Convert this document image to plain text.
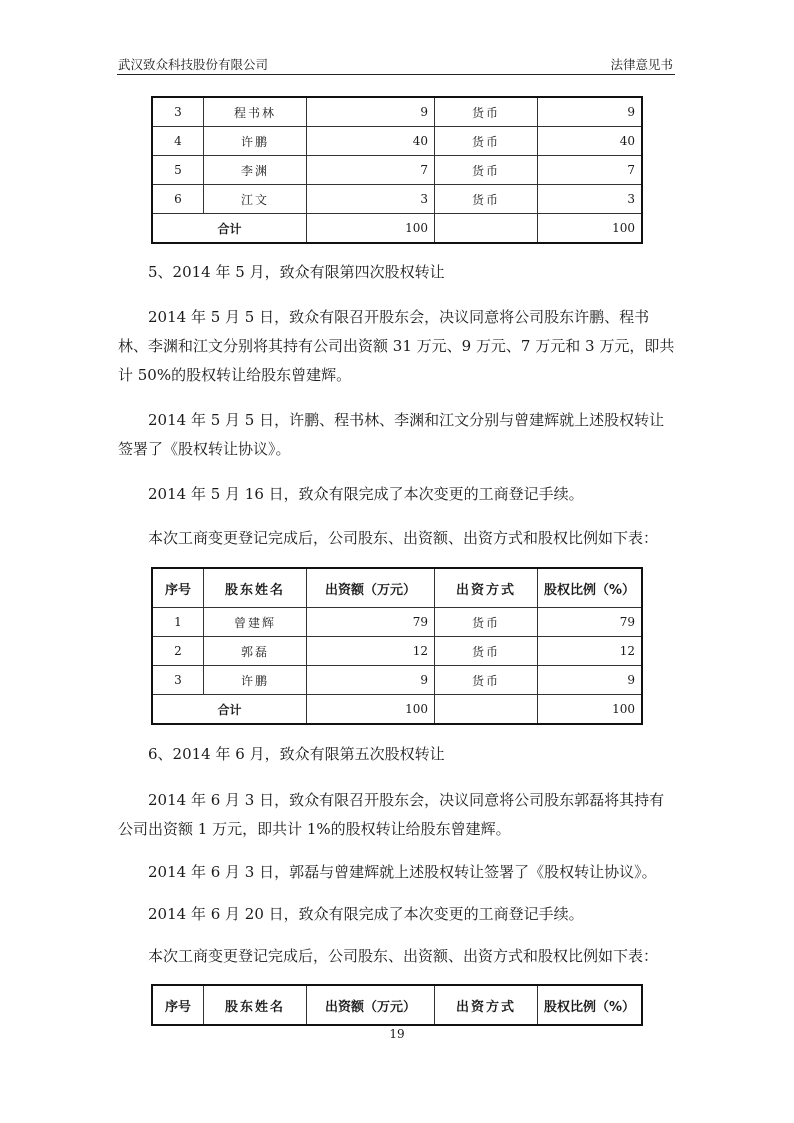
武汉致众科技股份有限公司	法律意见书
3	程书林	9	货币	9
4	许鹏	40	货币	40
5	李渊	7	货币	7
6	江文	3	货币	3
合计		100		100

5、2014 年 5 月，致众有限第四次股权转让

2014 年 5 月 5 日，致众有限召开股东会，决议同意将公司股东许鹏、程书林、李渊和江文分别将其持有公司出资额 31 万元、9 万元、7 万元和 3 万元，即共计 50%的股权转让给股东曾建辉。

2014 年 5 月 5 日，许鹏、程书林、李渊和江文分别与曾建辉就上述股权转让签署了《股权转让协议》。

2014 年 5 月 16 日，致众有限完成了本次变更的工商登记手续。

本次工商变更登记完成后，公司股东、出资额、出资方式和股权比例如下表：

序号	股东姓名	出资额（万元）	出资方式	股权比例（%）
1	曾建辉	79	货币	79
2	郭磊	12	货币	12
3	许鹏	9	货币	9
合计		100		100

6、2014 年 6 月，致众有限第五次股权转让

2014 年 6 月 3 日，致众有限召开股东会，决议同意将公司股东郭磊将其持有公司出资额 1 万元，即共计 1%的股权转让给股东曾建辉。

2014 年 6 月 3 日，郭磊与曾建辉就上述股权转让签署了《股权转让协议》。

2014 年 6 月 20 日，致众有限完成了本次变更的工商登记手续。

本次工商变更登记完成后，公司股东、出资额、出资方式和股权比例如下表：

序号	股东姓名	出资额（万元）	出资方式	股权比例（%）
19
